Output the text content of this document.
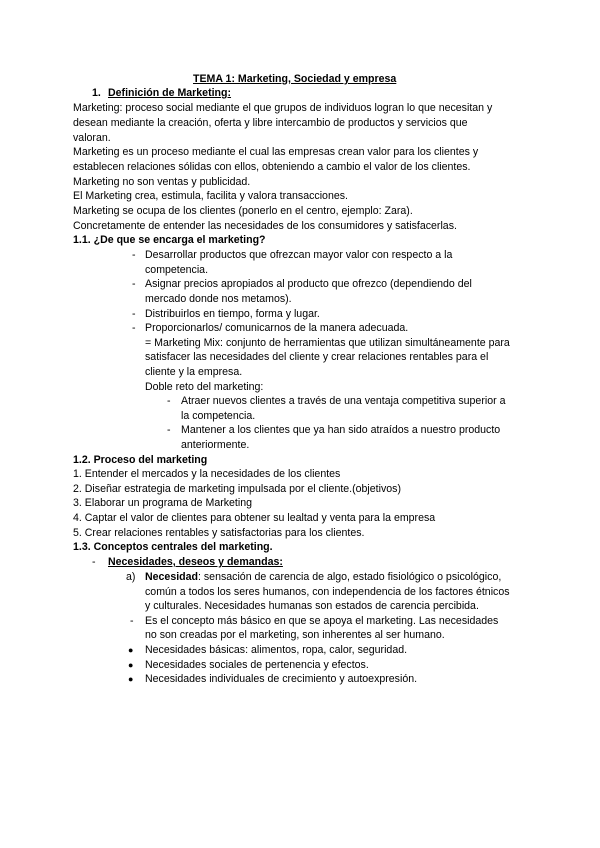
TEMA 1: Marketing, Sociedad y empresa
1. Definición de Marketing:
Marketing: proceso social mediante el que grupos de individuos logran lo que necesitan y
desean mediante la creación, oferta y libre intercambio de productos y servicios que
valoran.
Marketing es un proceso mediante el cual las empresas crean valor para los clientes y
establecen relaciones sólidas con ellos, obteniendo a cambio el valor de los clientes.
Marketing no son ventas y publicidad.
El Marketing crea, estimula, facilita y valora transacciones.
Marketing se ocupa de los clientes (ponerlo en el centro, ejemplo: Zara).
Concretamente de entender las necesidades de los consumidores y satisfacerlas.
1.1. ¿De que se encarga el marketing?
- Desarrollar productos que ofrezcan mayor valor con respecto a la
competencia.
- Asignar precios apropiados al producto que ofrezco (dependiendo del
mercado donde nos metamos).
- Distribuirlos en tiempo, forma y lugar.
- Proporcionarlos/ comunicarnos de la manera adecuada.
= Marketing Mix: conjunto de herramientas que utilizan simultáneamente para
satisfacer las necesidades del cliente y crear relaciones rentables para el
cliente y la empresa.
Doble reto del marketing:
- Atraer nuevos clientes a través de una ventaja competitiva superior a
la competencia.
- Mantener a los clientes que ya han sido atraídos a nuestro producto
anteriormente.
1.2. Proceso del marketing
1. Entender el mercados y la necesidades de los clientes
2. Diseñar estrategia de marketing impulsada por el cliente.(objetivos)
3. Elaborar un programa de Marketing
4. Captar el valor de clientes para obtener su lealtad y venta para la empresa
5. Crear relaciones rentables y satisfactorias para los clientes.
1.3. Conceptos centrales del marketing.
- Necesidades, deseos y demandas:
a) Necesidad: sensación de carencia de algo, estado fisiológico o psicológico,
común a todos los seres humanos, con independencia de los factores étnicos
y culturales. Necesidades humanas son estados de carencia percibida.
- Es el concepto más básico en que se apoya el marketing. Las necesidades
no son creadas por el marketing, son inherentes al ser humano.
● Necesidades básicas: alimentos, ropa, calor, seguridad.
● Necesidades sociales de pertenencia y efectos.
● Necesidades individuales de crecimiento y autoexpresión.
